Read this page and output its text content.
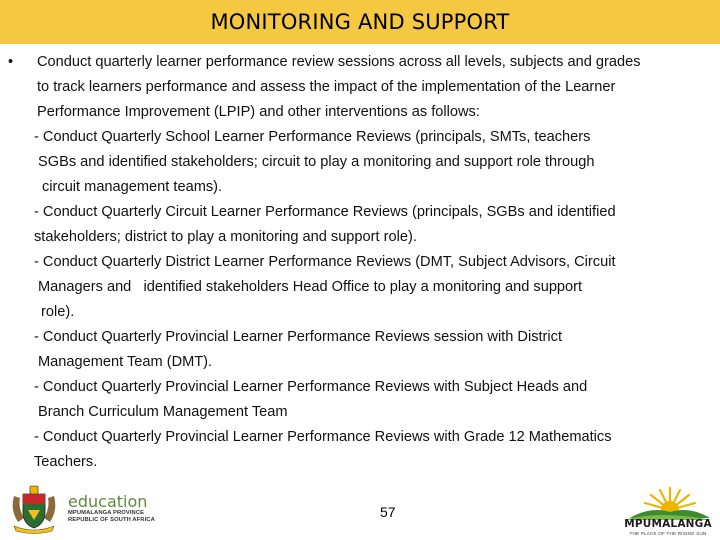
MONITORING AND SUPPORT
• Conduct quarterly learner performance review sessions across all levels, subjects and grades
to track learners performance and assess the impact of the implementation of the Learner
Performance Improvement (LPIP) and other interventions as follows:
- Conduct Quarterly School Learner Performance Reviews (principals, SMTs, teachers
SGBs and identified stakeholders; circuit to play a monitoring and support role through
circuit management teams).
- Conduct Quarterly Circuit Learner Performance Reviews (principals, SGBs and identified
stakeholders; district to play a monitoring and support role).
- Conduct Quarterly District Learner Performance Reviews (DMT, Subject Advisors, Circuit
Managers and   identified stakeholders Head Office to play a monitoring and support
role).
- Conduct Quarterly Provincial Learner Performance Reviews session with District
Management Team (DMT).
- Conduct Quarterly Provincial Learner Performance Reviews with Subject Heads and
Branch Curriculum Management Team
- Conduct Quarterly Provincial Learner Performance Reviews with Grade 12 Mathematics
Teachers.
education
MPUMALANGA PROVINCE
REPUBLIC OF SOUTH AFRICA	57
MPUMALANGA
THE PLACE OF THE RISING SUN
